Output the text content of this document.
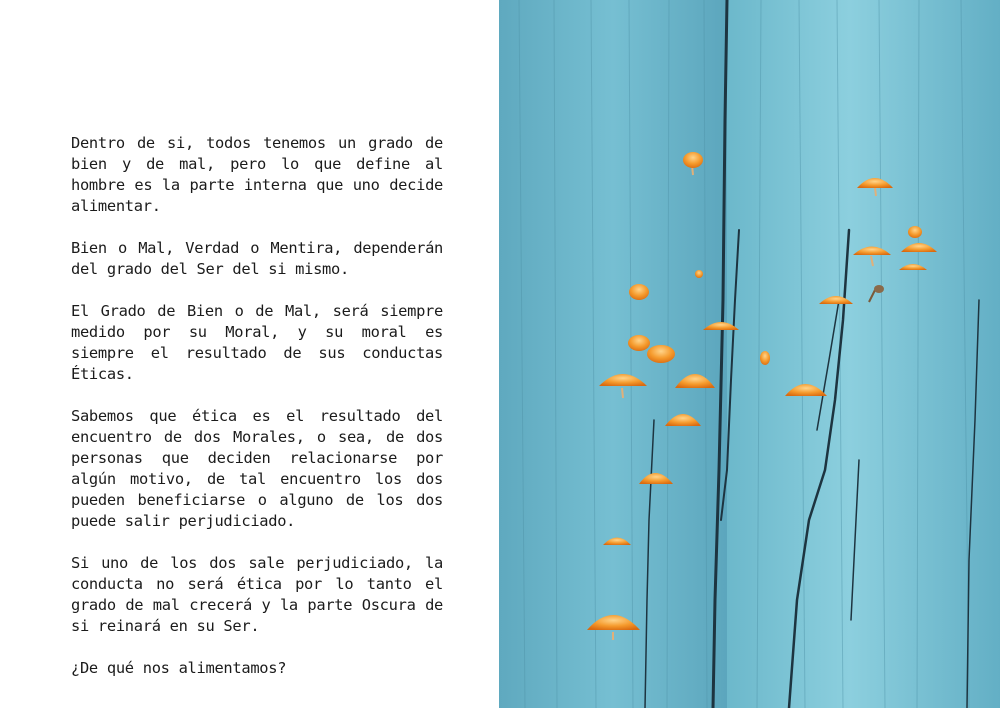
Dentro de si, todos tenemos un grado de bien y de mal, pero lo que define al hombre es la parte interna que uno decide alimentar.

Bien o Mal, Verdad o Mentira, dependerán del grado del Ser del si mismo.

El Grado de Bien o de Mal, será siempre medido por su Moral, y su moral es siempre el resultado de sus conductas Éticas.

Sabemos que ética es el resultado del encuentro de dos Morales, o sea, de dos personas que deciden relacionarse por algún motivo, de tal encuentro los dos pueden beneficiarse o alguno de los dos puede salir perjudiciado.

Si uno de los dos sale perjudiciado, la conducta no será ética por lo tanto el grado de mal crecerá y la parte Oscura de si reinará en su Ser.

¿De qué nos alimentamos?
